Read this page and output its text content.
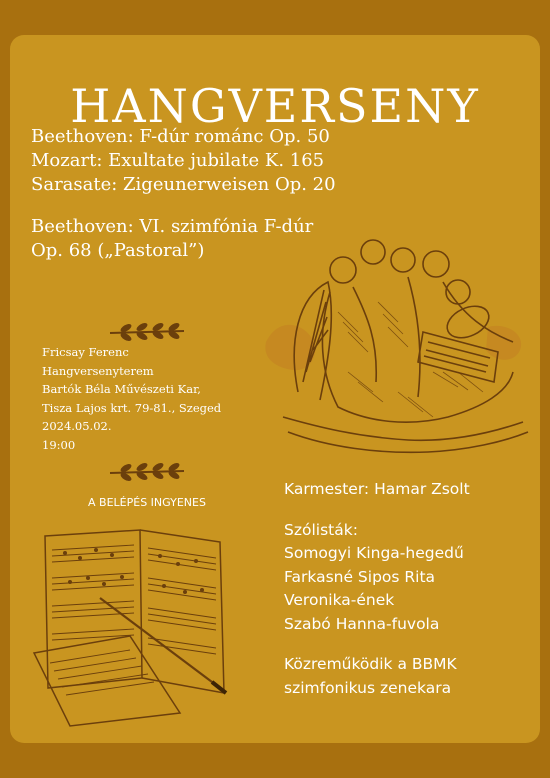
HANGVERSENY
Beethoven: F-dúr románc Op. 50
Mozart: Exultate jubilate K. 165
Sarasate: Zigeunerweisen Op. 20
Beethoven: VI. szimfónia F-dúr
Op. 68 („Pastoral”)
Fricsay Ferenc
Hangversenyterem
Bartók Béla Művészeti Kar,
Tisza Lajos krt. 79-81., Szeged
2024.05.02.
19:00
A BELÉPÉS INGYENES
Karmester: Hamar Zsolt
Szólisták:
Somogyi Kinga-hegedű
Farkasné Sipos Rita
Veronika-ének
Szabó Hanna-fuvola
Közreműködik a BBMK
szimfonikus zenekara
